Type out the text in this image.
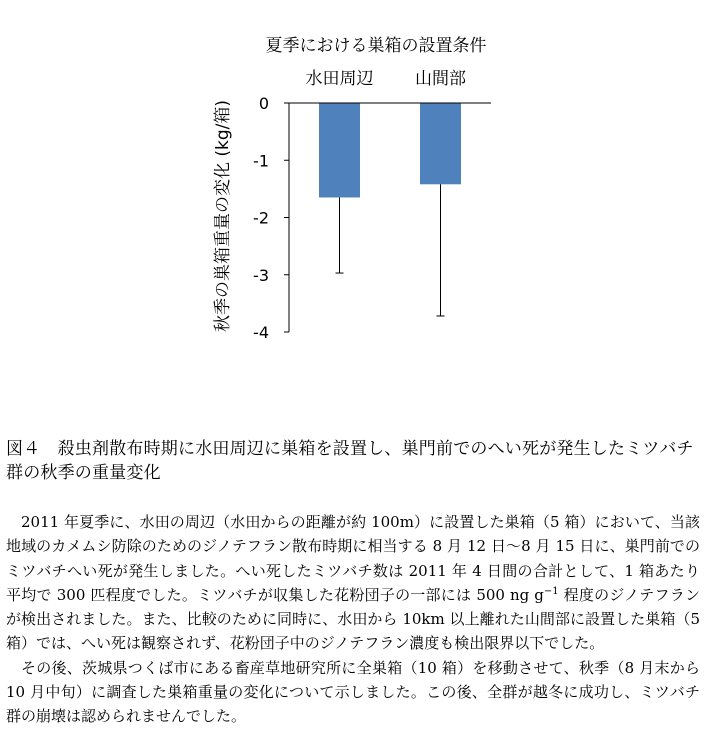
夏季における巣箱の設置条件
秋季の巣箱重量の変化 (kg/箱)
水田周辺 山間部
0
-1
-2
-3
-4

図４　殺虫剤散布時期に水田周辺に巣箱を設置し、巣門前でのへい死が発生したミツバチ群の秋季の重量変化

2011 年夏季に、水田の周辺（水田からの距離が約 100m）に設置した巣箱（5 箱）において、当該地域のカメムシ防除のためのジノテフラン散布時期に相当する 8 月 12 日～8 月 15 日に、巣門前でのミツバチへい死が発生しました。へい死したミツバチ数は 2011 年 4 日間の合計として、1 箱あたり平均で 300 匹程度でした。ミツバチが収集した花粉団子の一部には 500 ng $g^{-1}$ 程度のジノテフランが検出されました。また、比較のために同時に、水田から 10km 以上離れた山間部に設置した巣箱（5 箱）では、へい死は観察されず、花粉団子中のジノテフラン濃度も検出限界以下でした。

その後、茨城県つくば市にある畜産草地研究所に全巣箱（10 箱）を移動させて、秋季（8 月末から 10 月中旬）に調査した巣箱重量の変化について示しました。この後、全群が越冬に成功し、ミツバチ群の崩壊は認められませんでした。
